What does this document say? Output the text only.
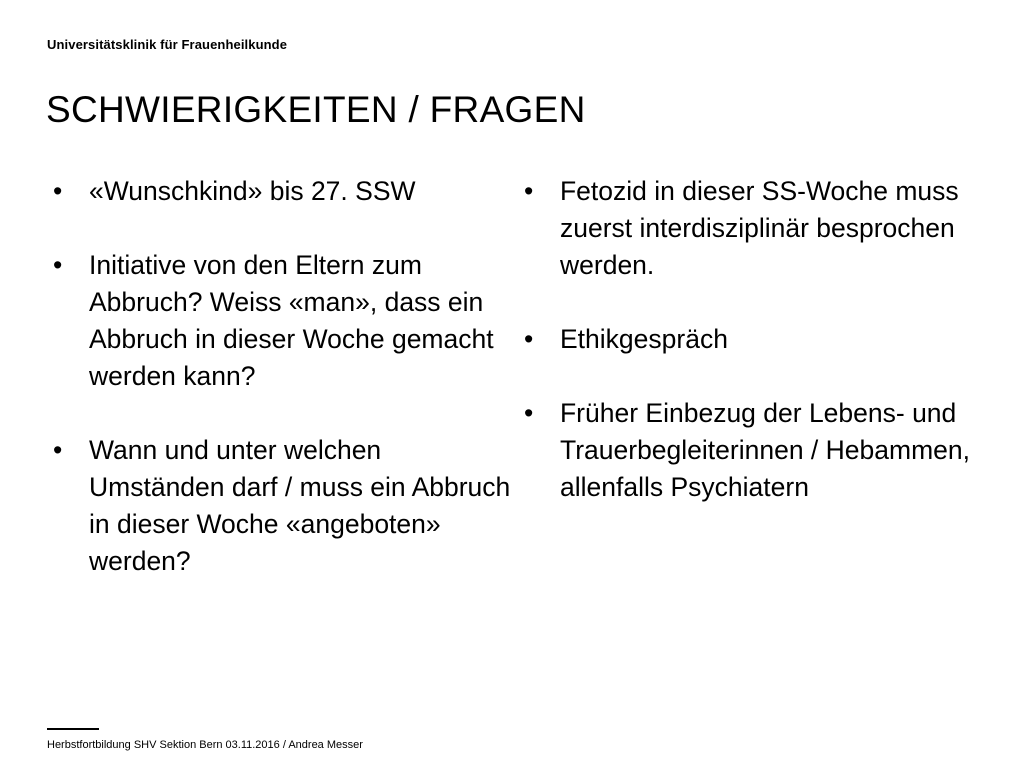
Universitätsklinik für Frauenheilkunde
SCHWIERIGKEITEN / FRAGEN
• «Wunschkind» bis 27. SSW
• Initiative von den Eltern zum Abbruch? Weiss «man», dass ein Abbruch in dieser Woche gemacht werden kann?
• Wann und unter welchen Umständen darf / muss ein Abbruch in dieser Woche «angeboten» werden?
• Fetozid in dieser SS-Woche muss zuerst interdisziplinär besprochen werden.
• Ethikgespräch
• Früher Einbezug der Lebens- und Trauerbegleiterinnen / Hebammen, allenfalls Psychiatern
Herbstfortbildung SHV Sektion Bern 03.11.2016 / Andrea Messer
